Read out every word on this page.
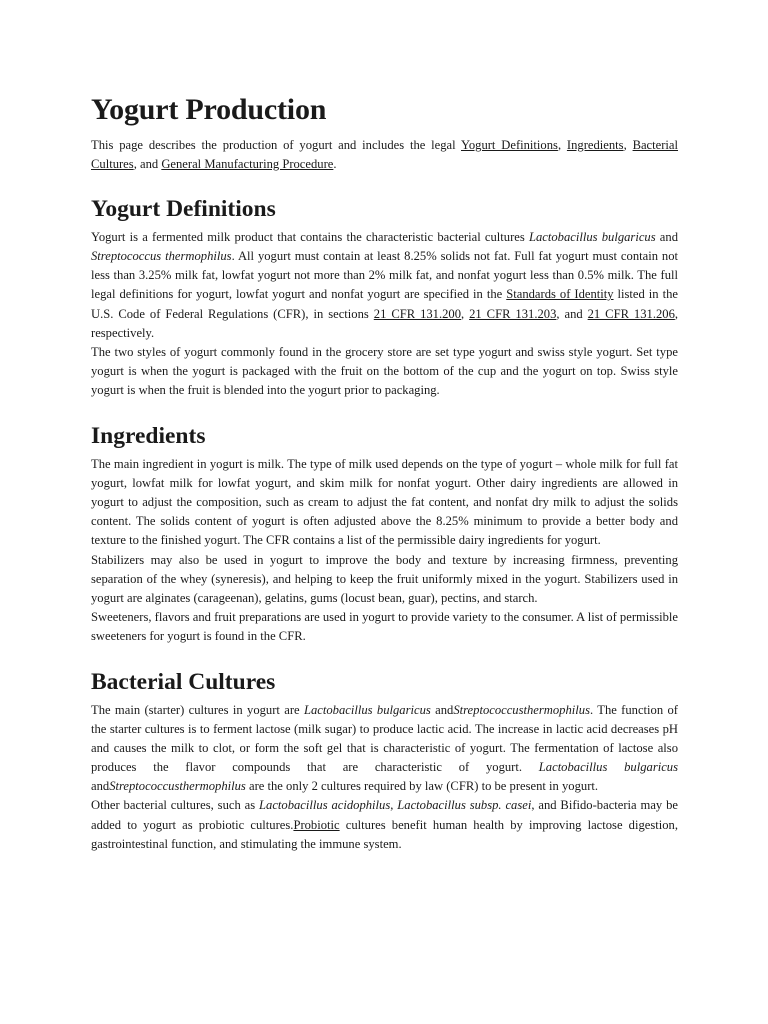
Yogurt Production

This page describes the production of yogurt and includes the legal Yogurt Definitions, Ingredients, Bacterial Cultures, and General Manufacturing Procedure.

Yogurt Definitions

Yogurt is a fermented milk product that contains the characteristic bacterial cultures Lactobacillus bulgaricus and Streptococcus thermophilus. All yogurt must contain at least 8.25% solids not fat. Full fat yogurt must contain not less than 3.25% milk fat, lowfat yogurt not more than 2% milk fat, and nonfat yogurt less than 0.5% milk. The full legal definitions for yogurt, lowfat yogurt and nonfat yogurt are specified in the Standards of Identity listed in the U.S. Code of Federal Regulations (CFR), in sections 21 CFR 131.200, 21 CFR 131.203, and 21 CFR 131.206, respectively.

The two styles of yogurt commonly found in the grocery store are set type yogurt and swiss style yogurt. Set type yogurt is when the yogurt is packaged with the fruit on the bottom of the cup and the yogurt on top. Swiss style yogurt is when the fruit is blended into the yogurt prior to packaging.

Ingredients

The main ingredient in yogurt is milk. The type of milk used depends on the type of yogurt – whole milk for full fat yogurt, lowfat milk for lowfat yogurt, and skim milk for nonfat yogurt. Other dairy ingredients are allowed in yogurt to adjust the composition, such as cream to adjust the fat content, and nonfat dry milk to adjust the solids content. The solids content of yogurt is often adjusted above the 8.25% minimum to provide a better body and texture to the finished yogurt. The CFR contains a list of the permissible dairy ingredients for yogurt.

Stabilizers may also be used in yogurt to improve the body and texture by increasing firmness, preventing separation of the whey (syneresis), and helping to keep the fruit uniformly mixed in the yogurt. Stabilizers used in yogurt are alginates (carageenan), gelatins, gums (locust bean, guar), pectins, and starch.

Sweeteners, flavors and fruit preparations are used in yogurt to provide variety to the consumer. A list of permissible sweeteners for yogurt is found in the CFR.

Bacterial Cultures

The main (starter) cultures in yogurt are Lactobacillus bulgaricus andStreptococcusthermophilus. The function of the starter cultures is to ferment lactose (milk sugar) to produce lactic acid. The increase in lactic acid decreases pH and causes the milk to clot, or form the soft gel that is characteristic of yogurt. The fermentation of lactose also produces the flavor compounds that are characteristic of yogurt. Lactobacillus bulgaricus andStreptococcusthermophilus are the only 2 cultures required by law (CFR) to be present in yogurt.

Other bacterial cultures, such as Lactobacillus acidophilus, Lactobacillus subsp. casei, and Bifido-bacteria may be added to yogurt as probiotic cultures.Probiotic cultures benefit human health by improving lactose digestion, gastrointestinal function, and stimulating the immune system.
